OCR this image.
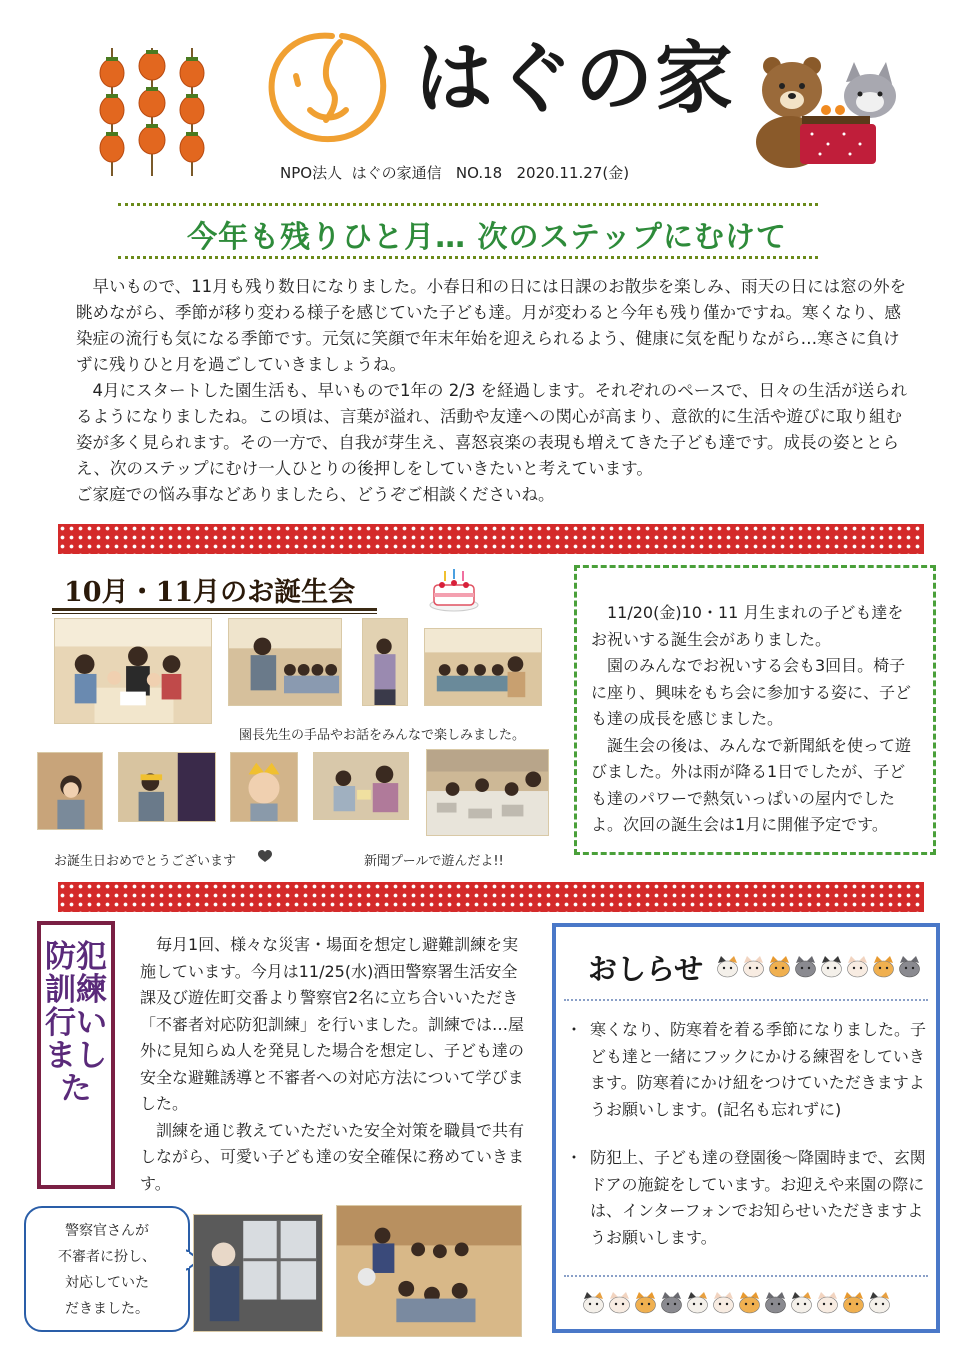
はぐの家
NPO法人  はぐの家通信   NO.18   2020.11.27(金)
今年も残りひと月… 次のステップにむけて

　早いもので、11月も残り数日になりました。小春日和の日には日課のお散歩を楽しみ、雨天の日には窓の外を眺めながら、季節が移り変わる様子を感じていた子ども達。月が変わると今年も残り僅かですね。寒くなり、感染症の流行も気になる季節です。元気に笑顔で年末年始を迎えられるよう、健康に気を配りながら…寒さに負けずに残りひと月を過ごしていきましょうね。

　4月にスタートした園生活も、早いもので1年の 2/3 を経過します。それぞれのペースで、日々の生活が送られるようになりましたね。この頃は、言葉が溢れ、活動や友達への関心が高まり、意欲的に生活や遊びに取り組む姿が多く見られます。その一方で、自我が芽生え、喜怒哀楽の表現も増えてきた子ども達です。成長の姿ととらえ、次のステップにむけ一人ひとりの後押しをしていきたいと考えています。

ご家庭での悩み事などありましたら、どうぞご相談くださいね。

10月・11月のお誕生会
園長先生の手品やお話をみんなで楽しみました。
お誕生日おめでとうございます	新聞プールで遊んだよ!!

　11/20(金)10・11 月生まれの子ども達をお祝いする誕生会がありました。

　園のみんなでお祝いする会も3回目。椅子に座り、興味をもち会に参加する姿に、子ども達の成長を感じました。

　誕生会の後は、みんなで新聞紙を使って遊びました。外は雨が降る1日でしたが、子ども達のパワーで熱気いっぱいの屋内でしたよ。次回の誕生会は1月に開催予定です。

防犯訓練行いました

　毎月1回、様々な災害・場面を想定し避難訓練を実施しています。今月は11/25(水)酒田警察署生活安全課及び遊佐町交番より警察官2名に立ち合いいただき「不審者対応防犯訓練」を行いました。訓練では…屋外に見知らぬ人を発見した場合を想定し、子ども達の安全な避難誘導と不審者への対応方法について学びました。

　訓練を通じ教えていただいた安全対策を職員で共有しながら、可愛い子ども達の安全確保に務めていきます。

警察官さんが
不審者に扮し、
対応していた
だきました。
おしらせ
・ 寒くなり、防寒着を着る季節になりました。子ども達と一緒にフックにかける練習をしていきます。防寒着にかけ紐をつけていただきますようお願いします。(記名も忘れずに)
・ 防犯上、子ども達の登園後～降園時まで、玄関ドアの施錠をしています。お迎えや来園の際には、インターフォンでお知らせいただきますようお願いします。
